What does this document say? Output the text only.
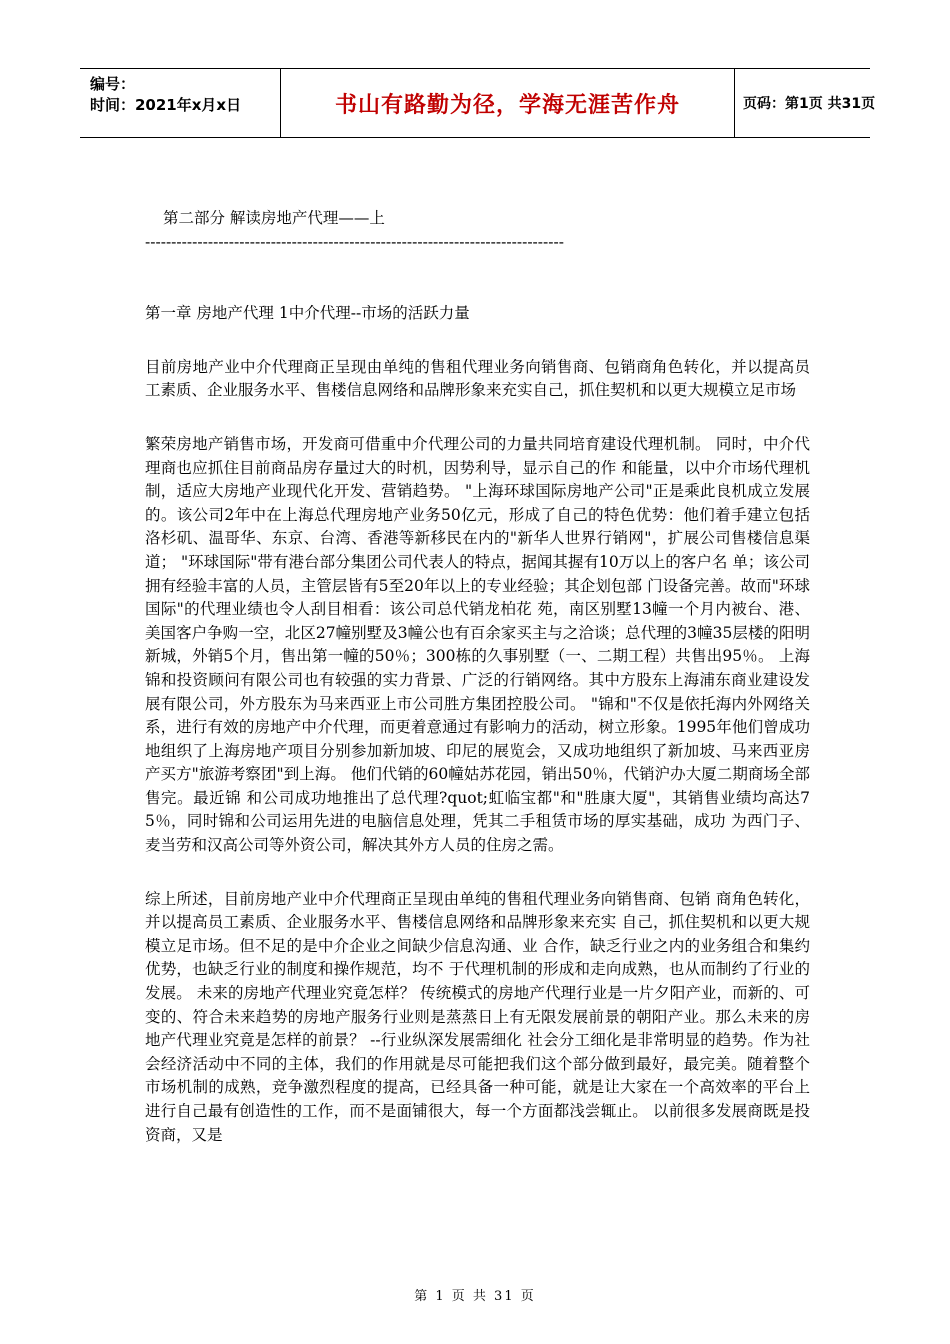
编号：
时间：2021年x月x日	书山有路勤为径，学海无涯苦作舟	页码：第1页 共31页

第二部分 解读房地产代理——上

--------------------------------------------------------------------------------

第一章 房地产代理 1中介代理--市场的活跃力量

目前房地产业中介代理商正呈现由单纯的售租代理业务向销售商、包销商角色转化，并以提高员工素质、企业服务水平、售楼信息网络和品牌形象来充实自己，抓住契机和以更大规模立足市场

繁荣房地产销售市场，开发商可借重中介代理公司的力量共同培育建设代理机制。 同时，中介代理商也应抓住目前商品房存量过大的时机，因势利导，显示自己的作 和能量，以中介市场代理机制，适应大房地产业现代化开发、营销趋势。 "上海环球国际房地产公司"正是乘此良机成立发展的。该公司2年中在上海总代理房地产业务50亿元，形成了自己的特色优势：他们着手建立包括洛杉矶、温哥华、东京、台湾、香港等新移民在内的"新华人世界行销网"，扩展公司售楼信息渠道； "环球国际"带有港台部分集团公司代表人的特点，据闻其握有10万以上的客户名 单；该公司拥有经验丰富的人员，主管层皆有5至20年以上的专业经验；其企划包部 门设备完善。故而"环球国际"的代理业绩也令人刮目相看：该公司总代销龙柏花 苑，南区别墅13幢一个月内被台、港、美国客户争购一空，北区27幢别墅及3幢公也有百余家买主与之洽谈；总代理的3幢35层楼的阳明新城，外销5个月，售出第一幢的50％；300栋的久事别墅（一、二期工程）共售出95％。 上海锦和投资顾问有限公司也有较强的实力背景、广泛的行销网络。其中方股东上海浦东商业建设发展有限公司，外方股东为马来西亚上市公司胜方集团控股公司。 "锦和"不仅是依托海内外网络关系，进行有效的房地产中介代理，而更着意通过有影响力的活动，树立形象。1995年他们曾成功地组织了上海房地产项目分别参加新加坡、印尼的展览会，又成功地组织了新加坡、马来西亚房产买方"旅游考察团"到上海。 他们代销的60幢姑苏花园，销出50％，代销沪办大厦二期商场全部售完。最近锦 和公司成功地推出了总代理?quot;虹临宝都"和"胜康大厦"，其销售业绩均高达75％，同时锦和公司运用先进的电脑信息处理，凭其二手租赁市场的厚实基础，成功 为西门子、麦当劳和汉高公司等外资公司，解决其外方人员的住房之需。

综上所述，目前房地产业中介代理商正呈现由单纯的售租代理业务向销售商、包销 商角色转化，并以提高员工素质、企业服务水平、售楼信息网络和品牌形象来充实 自己，抓住契机和以更大规模立足市场。但不足的是中介企业之间缺少信息沟通、业 合作，缺乏行业之内的业务组合和集约优势，也缺乏行业的制度和操作规范，均不 于代理机制的形成和走向成熟，也从而制约了行业的发展。 未来的房地产代理业究竟怎样？ 传统模式的房地产代理行业是一片夕阳产业，而新的、可变的、符合未来趋势的房地产服务行业则是蒸蒸日上有无限发展前景的朝阳产业。那么未来的房地产代理业究竟是怎样的前景？ --行业纵深发展需细化 社会分工细化是非常明显的趋势。作为社会经济活动中不同的主体，我们的作用就是尽可能把我们这个部分做到最好，最完美。随着整个市场机制的成熟，竞争激烈程度的提高，已经具备一种可能，就是让大家在一个高效率的平台上进行自己最有创造性的工作，而不是面铺很大，每一个方面都浅尝辄止。 以前很多发展商既是投资商，又是

第 1 页 共 31 页
